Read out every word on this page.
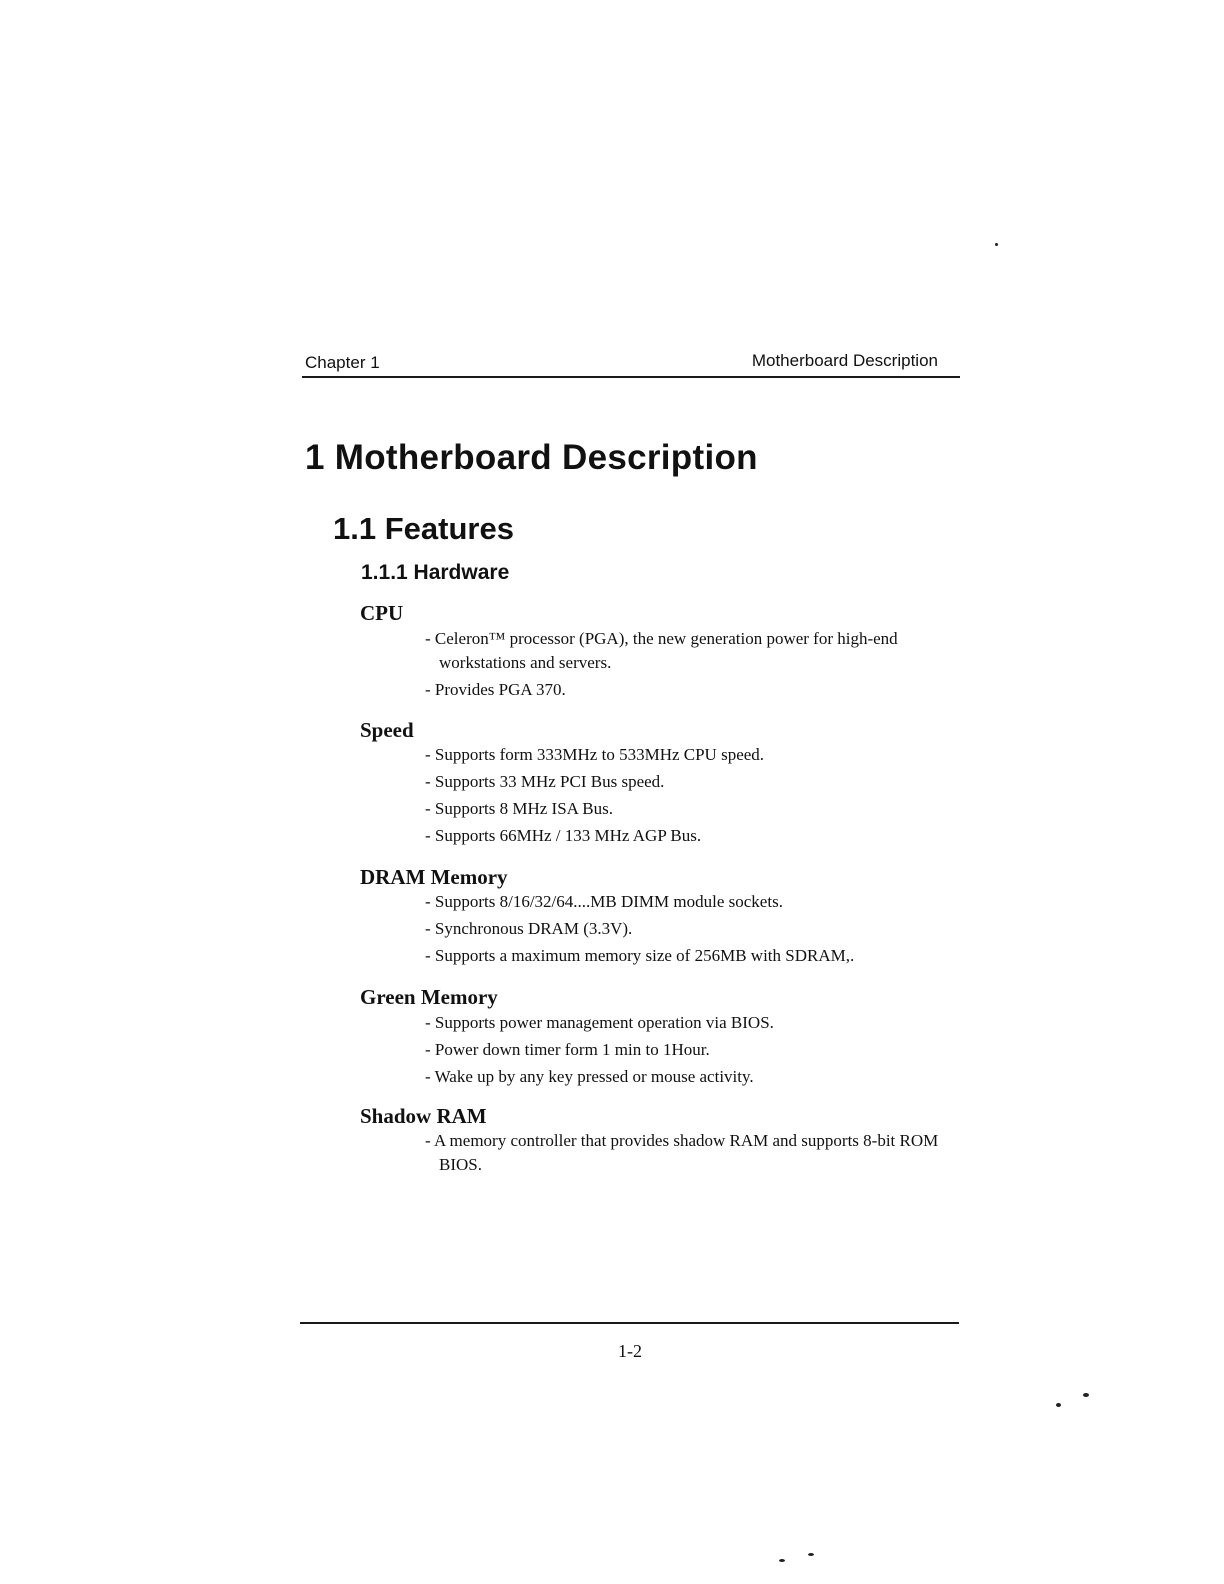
Chapter 1	Motherboard Description
1 Motherboard Description
1.1 Features
1.1.1 Hardware
CPU
- Celeron™ processor (PGA), the new generation power for high-end workstations and servers.
- Provides PGA 370.
Speed
- Supports form 333MHz to 533MHz CPU speed.
- Supports 33 MHz PCI Bus speed.
- Supports 8 MHz ISA Bus.
- Supports 66MHz / 133 MHz AGP Bus.
DRAM Memory
- Supports 8/16/32/64....MB DIMM module sockets.
- Synchronous DRAM (3.3V).
- Supports a maximum memory size of 256MB with SDRAM,.
Green Memory
- Supports power management operation via BIOS.
- Power down timer form 1 min to 1Hour.
- Wake up by any key pressed or mouse activity.
Shadow RAM
- A memory controller that provides shadow RAM and supports 8-bit ROM BIOS.
1-2
